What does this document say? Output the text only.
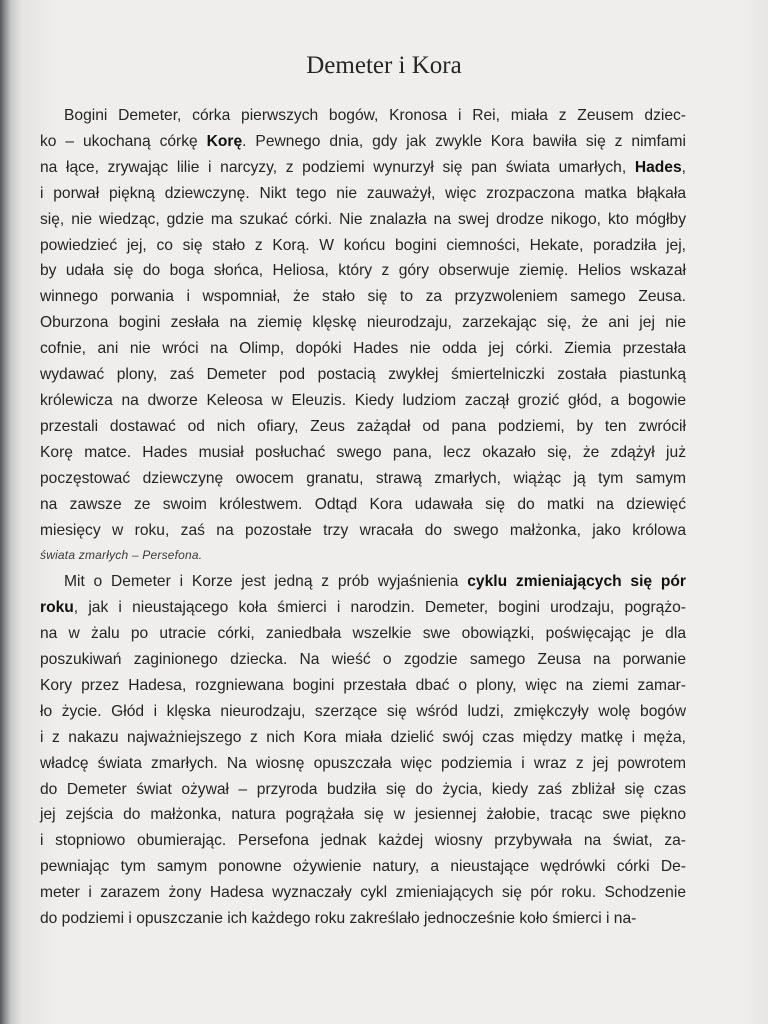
Demeter i Kora
Bogini Demeter, córka pierwszych bogów, Kronosa i Rei, miała z Zeusem dziec-
ko – ukochaną córkę Korę. Pewnego dnia, gdy jak zwykle Kora bawiła się z nimfami
na łące, zrywając lilie i narcyzy, z podziemi wynurzył się pan świata umarłych, Hades,
i porwał piękną dziewczynę. Nikt tego nie zauważył, więc zrozpaczona matka błąkała
się, nie wiedząc, gdzie ma szukać córki. Nie znalazła na swej drodze nikogo, kto mógłby
powiedzieć jej, co się stało z Korą. W końcu bogini ciemności, Hekate, poradziła jej,
by udała się do boga słońca, Heliosa, który z góry obserwuje ziemię. Helios wskazał
winnego porwania i wspomniał, że stało się to za przyzwoleniem samego Zeusa.
Oburzona bogini zesłała na ziemię klęskę nieurodzaju, zarzekając się, że ani jej nie
cofnie, ani nie wróci na Olimp, dopóki Hades nie odda jej córki. Ziemia przestała
wydawać plony, zaś Demeter pod postacią zwykłej śmiertelniczki została piastunką
królewicza na dworze Keleosa w Eleuzis. Kiedy ludziom zaczął grozić głód, a bogowie
przestali dostawać od nich ofiary, Zeus zażądał od pana podziemi, by ten zwrócił
Korę matce. Hades musiał posłuchać swego pana, lecz okazało się, że zdążył już
poczęstować dziewczynę owocem granatu, strawą zmarłych, wiążąc ją tym samym
na zawsze ze swoim królestwem. Odtąd Kora udawała się do matki na dziewięć
miesięcy w roku, zaś na pozostałe trzy wracała do swego małżonka, jako królowa
świata zmarłych – Persefona.
Mit o Demeter i Korze jest jedną z prób wyjaśnienia cyklu zmieniających się pór
roku, jak i nieustającego koła śmierci i narodzin. Demeter, bogini urodzaju, pogrążo-
na w żalu po utracie córki, zaniedbała wszelkie swe obowiązki, poświęcając je dla
poszukiwań zaginionego dziecka. Na wieść o zgodzie samego Zeusa na porwanie
Kory przez Hadesa, rozgniewana bogini przestała dbać o plony, więc na ziemi zamar-
ło życie. Głód i klęska nieurodzaju, szerzące się wśród ludzi, zmiękczyły wolę bogów
i z nakazu najważniejszego z nich Kora miała dzielić swój czas między matkę i męża,
władcę świata zmarłych. Na wiosnę opuszczała więc podziemia i wraz z jej powrotem
do Demeter świat ożywał – przyroda budziła się do życia, kiedy zaś zbliżał się czas
jej zejścia do małżonka, natura pogrążała się w jesiennej żałobie, tracąc swe piękno
i stopniowo obumierając. Persefona jednak każdej wiosny przybywała na świat, za-
pewniając tym samym ponowne ożywienie natury, a nieustające wędrówki córki De-
meter i zarazem żony Hadesa wyznaczały cykl zmieniających się pór roku. Schodzenie
do podziemi i opuszczanie ich każdego roku zakreślało jednocześnie koło śmierci i na-
